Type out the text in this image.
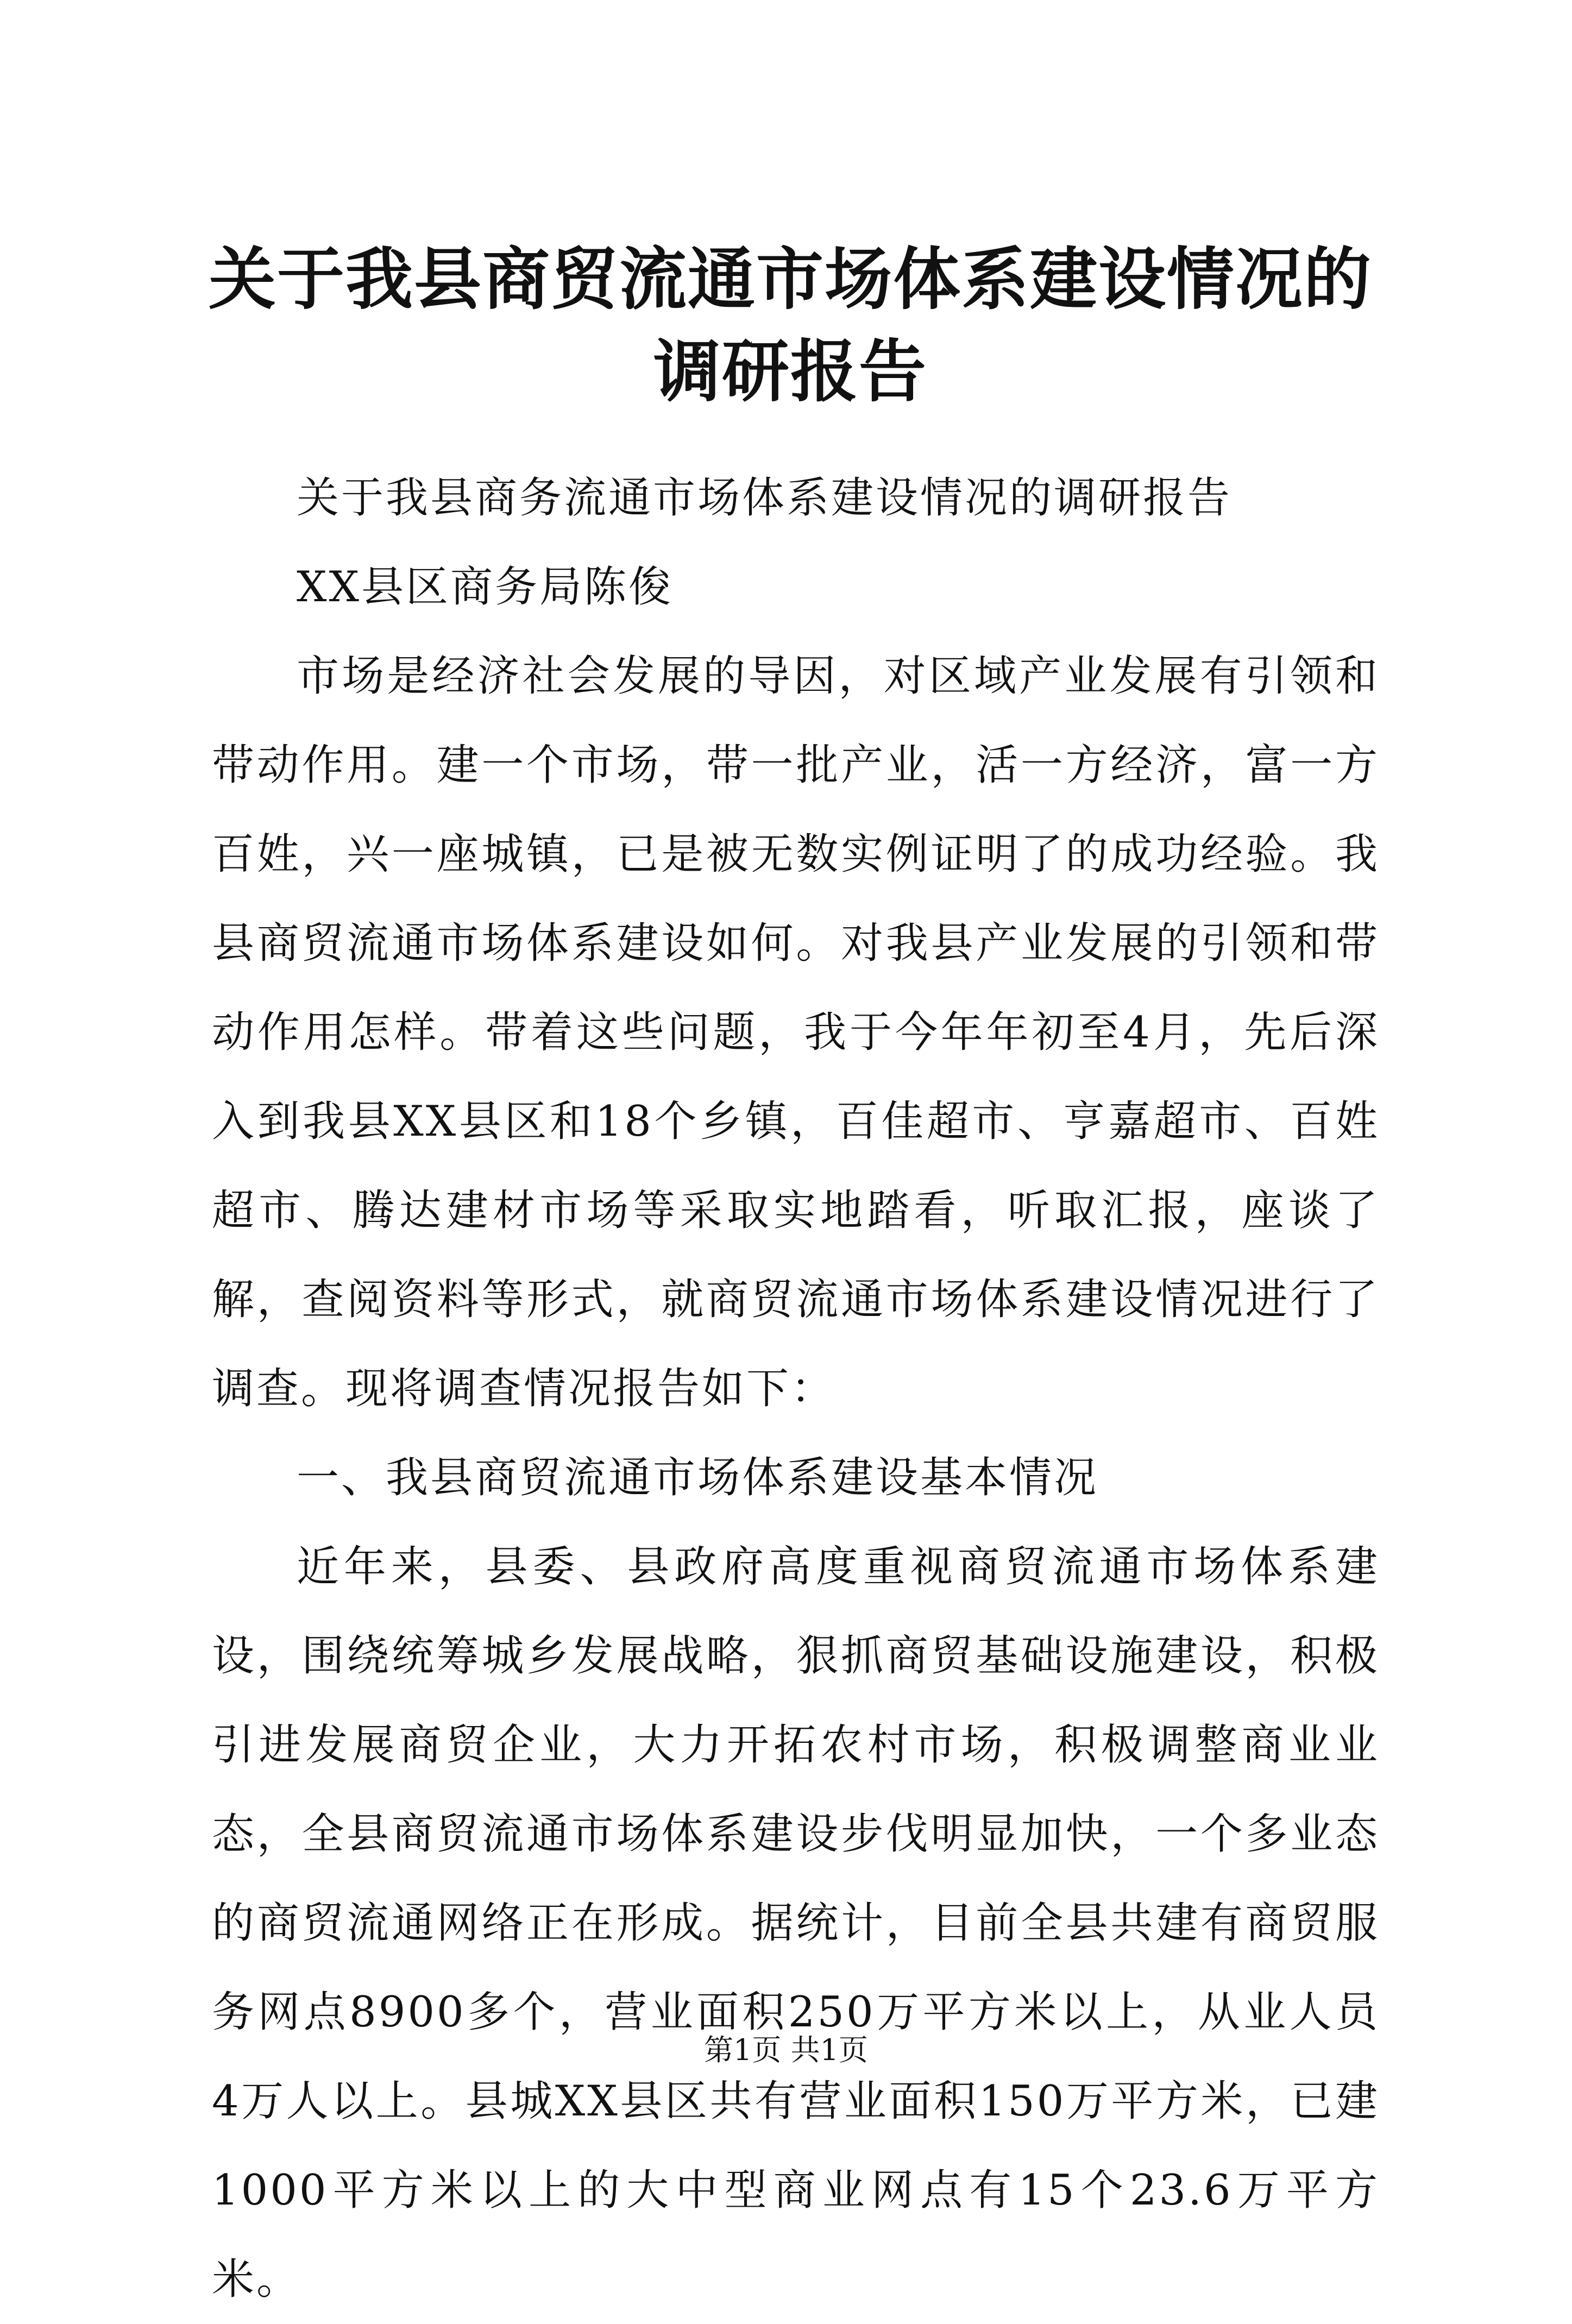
关于我县商贸流通市场体系建设情况的调研报告

关于我县商务流通市场体系建设情况的调研报告

XX县区商务局陈俊

市场是经济社会发展的导因，对区域产业发展有引领和带动作用。建一个市场，带一批产业，活一方经济，富一方百姓，兴一座城镇，已是被无数实例证明了的成功经验。我县商贸流通市场体系建设如何。对我县产业发展的引领和带动作用怎样。带着这些问题，我于今年年初至4月，先后深入到我县XX县区和18个乡镇，百佳超市、亨嘉超市、百姓超市、腾达建材市场等采取实地踏看，听取汇报，座谈了解，查阅资料等形式，就商贸流通市场体系建设情况进行了调查。现将调查情况报告如下：

一、我县商贸流通市场体系建设基本情况

近年来，县委、县政府高度重视商贸流通市场体系建设，围绕统筹城乡发展战略，狠抓商贸基础设施建设，积极引进发展商贸企业，大力开拓农村市场，积极调整商业业态，全县商贸流通市场体系建设步伐明显加快，一个多业态的商贸流通网络正在形成。据统计，目前全县共建有商贸服务网点8900多个，营业面积250万平方米以上，从业人员4万人以上。县城XX县区共有营业面积150万平方米，已建1000平方米以上的大中型商业网点有15个23.6万平方米。

第1页 共1页
